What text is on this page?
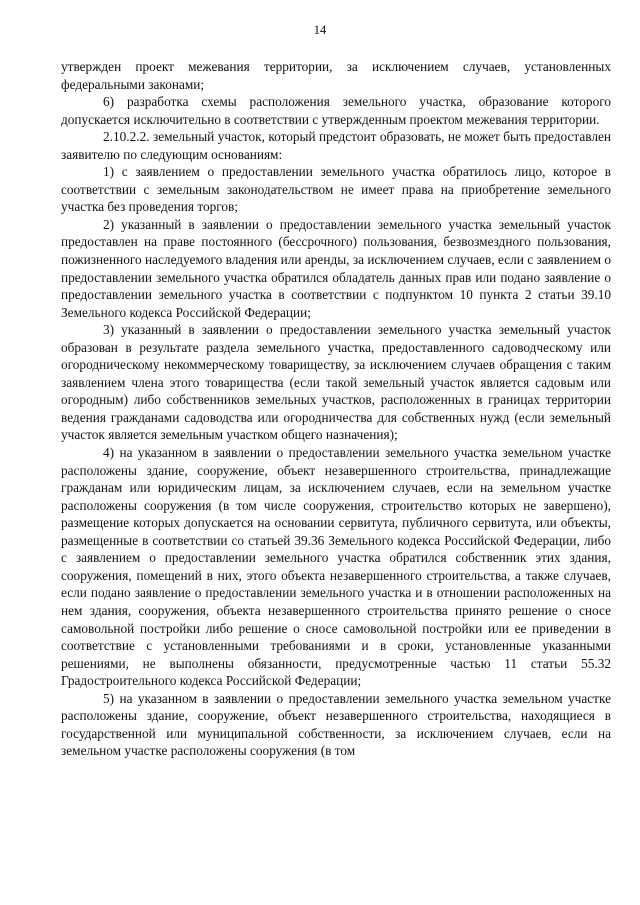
14

утвержден проект межевания территории, за исключением случаев, установленных федеральными законами;

6) разработка схемы расположения земельного участка, образование которого допускается исключительно в соответствии с утвержденным проектом межевания территории.

2.10.2.2. земельный участок, который предстоит образовать, не может быть предоставлен заявителю по следующим основаниям:

1) с заявлением о предоставлении земельного участка обратилось лицо, которое в соответствии с земельным законодательством не имеет права на приобретение земельного участка без проведения торгов;

2) указанный в заявлении о предоставлении земельного участка земельный участок предоставлен на праве постоянного (бессрочного) пользования, безвозмездного пользования, пожизненного наследуемого владения или аренды, за исключением случаев, если с заявлением о предоставлении земельного участка обратился обладатель данных прав или подано заявление о предоставлении земельного участка в соответствии с подпунктом 10 пункта 2 статьи 39.10 Земельного кодекса Российской Федерации;

3) указанный в заявлении о предоставлении земельного участка земельный участок образован в результате раздела земельного участка, предоставленного садоводческому или огородническому некоммерческому товариществу, за исключением случаев обращения с таким заявлением члена этого товарищества (если такой земельный участок является садовым или огородным) либо собственников земельных участков, расположенных в границах территории ведения гражданами садоводства или огородничества для собственных нужд (если земельный участок является земельным участком общего назначения);

4) на указанном в заявлении о предоставлении земельного участка земельном участке расположены здание, сооружение, объект незавершенного строительства, принадлежащие гражданам или юридическим лицам, за исключением случаев, если на земельном участке расположены сооружения (в том числе сооружения, строительство которых не завершено), размещение которых допускается на основании сервитута, публичного сервитута, или объекты, размещенные в соответствии со статьей 39.36 Земельного кодекса Российской Федерации, либо с заявлением о предоставлении земельного участка обратился собственник этих здания, сооружения, помещений в них, этого объекта незавершенного строительства, а также случаев, если подано заявление о предоставлении земельного участка и в отношении расположенных на нем здания, сооружения, объекта незавершенного строительства принято решение о сносе самовольной постройки либо решение о сносе самовольной постройки или ее приведении в соответствие с установленными требованиями и в сроки, установленные указанными решениями, не выполнены обязанности, предусмотренные частью 11 статьи 55.32 Градостроительного кодекса Российской Федерации;

5) на указанном в заявлении о предоставлении земельного участка земельном участке расположены здание, сооружение, объект незавершенного строительства, находящиеся в государственной или муниципальной собственности, за исключением случаев, если на земельном участке расположены сооружения (в том
